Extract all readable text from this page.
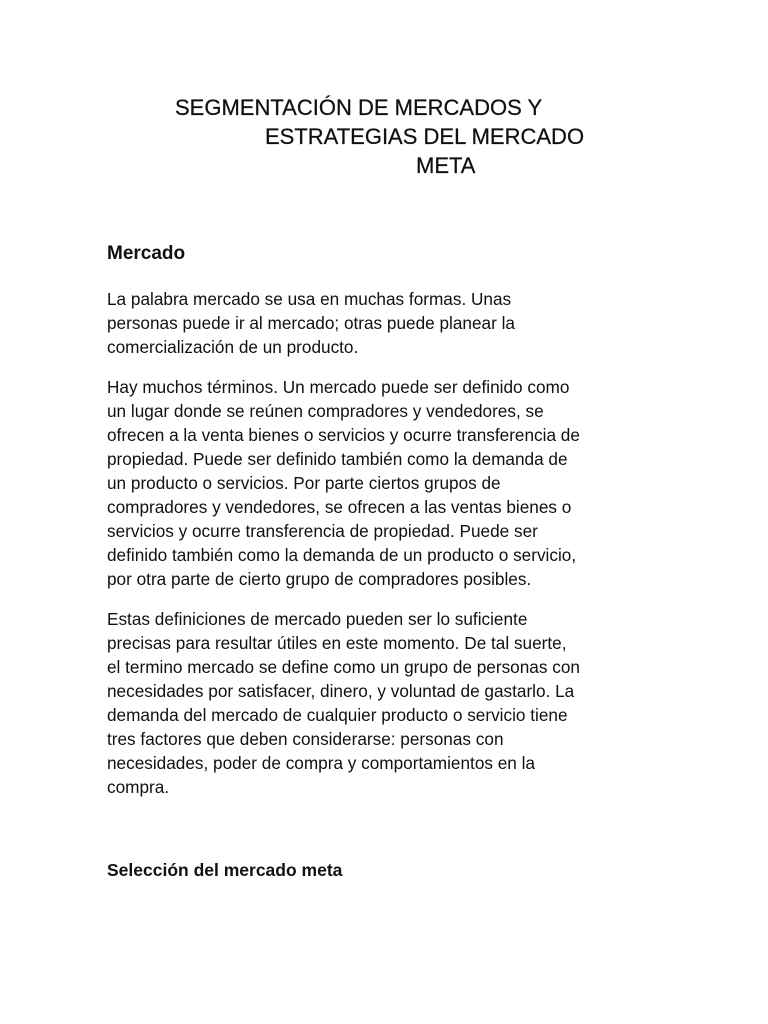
SEGMENTACIÓN DE MERCADOS Y
ESTRATEGIAS DEL MERCADO
META
Mercado

La palabra mercado se usa en muchas formas. Unas
personas puede ir al mercado; otras puede planear la
comercialización de un producto.

Hay muchos términos. Un mercado puede ser definido como
un lugar donde se reúnen compradores y vendedores, se
ofrecen a la venta bienes o servicios y ocurre transferencia de
propiedad. Puede ser definido también como la demanda de
un producto o servicios. Por parte ciertos grupos de
compradores y vendedores, se ofrecen a las ventas bienes o
servicios y ocurre transferencia de propiedad. Puede ser
definido también como la demanda de un producto o servicio,
por otra parte de cierto grupo de compradores posibles.

Estas definiciones de mercado pueden ser lo suficiente
precisas para resultar útiles en este momento. De tal suerte,
el termino mercado se define como un grupo de personas con
necesidades por satisfacer, dinero, y voluntad de gastarlo. La
demanda del mercado de cualquier producto o servicio tiene
tres factores que deben considerarse: personas con
necesidades, poder de compra y comportamientos en la
compra.

Selección del mercado meta
